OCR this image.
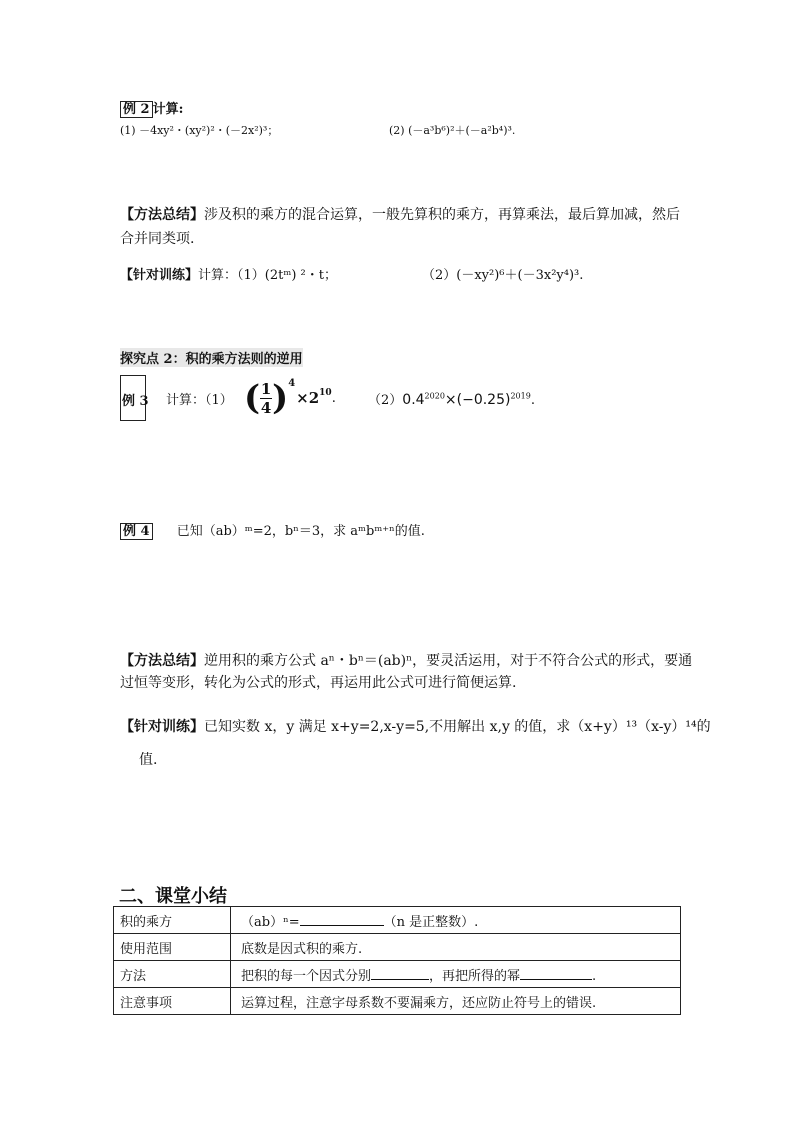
例 2 计算:
(1) －4xy²・(xy²)²・(－2x²)³；	(2) (－a³b⁶)²＋(－a²b⁴)³.
【方法总结】涉及积的乘方的混合运算，一般先算积的乘方，再算乘法，最后算加减，然后
合并同类项.
【针对训练】计算：（1）(2tᵐ) ²・t；	（2）(－xy²)⁶＋(－3x²y⁴)³.
探究点 2：积的乘方法则的逆用
例 3 计算：（1） ( $\frac{1}{4}$ ) 4
×2 10 . $(2)0.4^{2020}\times(-0.25)^{2019}$.
例 4 已知（ab）ᵐ=2，bⁿ＝3，求 aᵐbᵐ⁺ⁿ的值.
【方法总结】逆用积的乘方公式 aⁿ・bⁿ＝(ab)ⁿ，要灵活运用，对于不符合公式的形式，要通
过恒等变形，转化为公式的形式，再运用此公式可进行简便运算.
【针对训练】已知实数 x，y 满足 x+y=2,x-y=5,不用解出 x,y 的值，求（x+y）¹³（x-y）¹⁴的
值.
二、课堂小结
积的乘方	（ab）ⁿ= （n 是正整数）.
使用范围	底数是因式积的乘方.
方法	把积的每一个因式分别 ，再把所得的幂 .
注意事项	运算过程，注意字母系数不要漏乘方，还应防止符号上的错误.
